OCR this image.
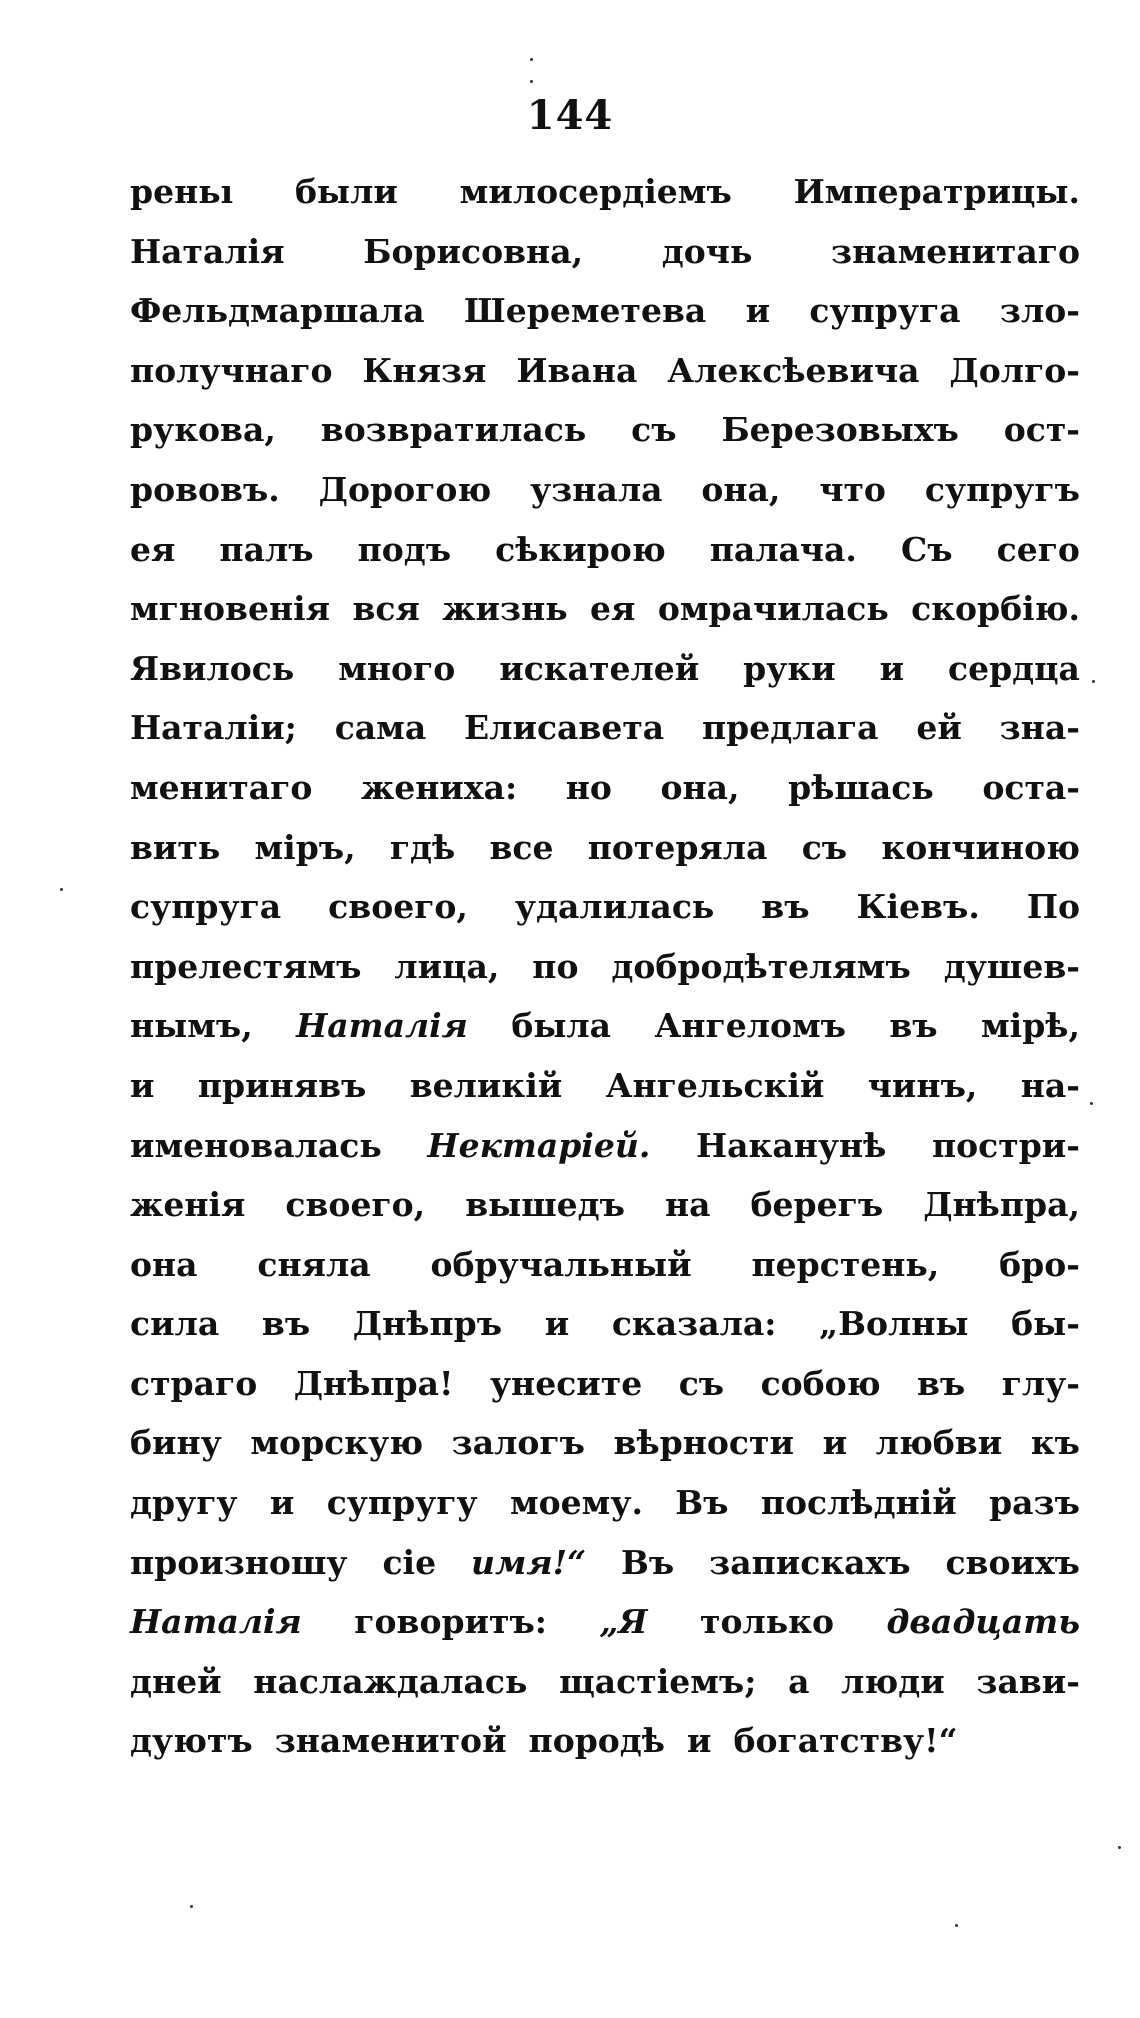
144
реньı были милосердіемъ Императрицы.
Наталія Борисовна, дочь знаменитаго
Фельдмаршала Шереметева и супруга зло-
получнаго Князя Ивана Алексѣевича Долго-
рукова, возвратилась съ Березовыхъ ост-
рововъ. Дорогою узнала она, что супругъ
ея палъ подъ сѣкирою палача. Съ сего
мгновенія вся жизнь ея омрачилась скорбію.
Явилось много искателей руки и сердца
Наталіи; сама Елисавета предлага ей зна-
менитаго жениха: но она, рѣшась оста-
вить міръ, гдѣ все потеряла съ кончиною
супруга своего, удалилась въ Кіевъ. По
прелестямъ лица, по добродѣтелямъ душев-
нымъ, Наталія была Ангеломъ въ мірѣ,
и принявъ великій Ангельскій чинъ, на-
именовалась Нектаріей. Наканунѣ постри-
женія своего, вышедъ на берегъ Днѣпра,
она сняла обручальный перстень, бро-
сила въ Днѣпръ и сказала: „Волны бы-
страго Днѣпра! унесите съ собою въ глу-
бину морскую залогъ вѣрности и любви къ
другу и супругу моему. Въ послѣдній разъ
произношу сіе имя!“ Въ запискахъ своихъ
Наталія говоритъ: „Я только двадцать
дней наслаждалась щастіемъ; а люди зави-
дуютъ знаменитой породѣ и богатству!“
